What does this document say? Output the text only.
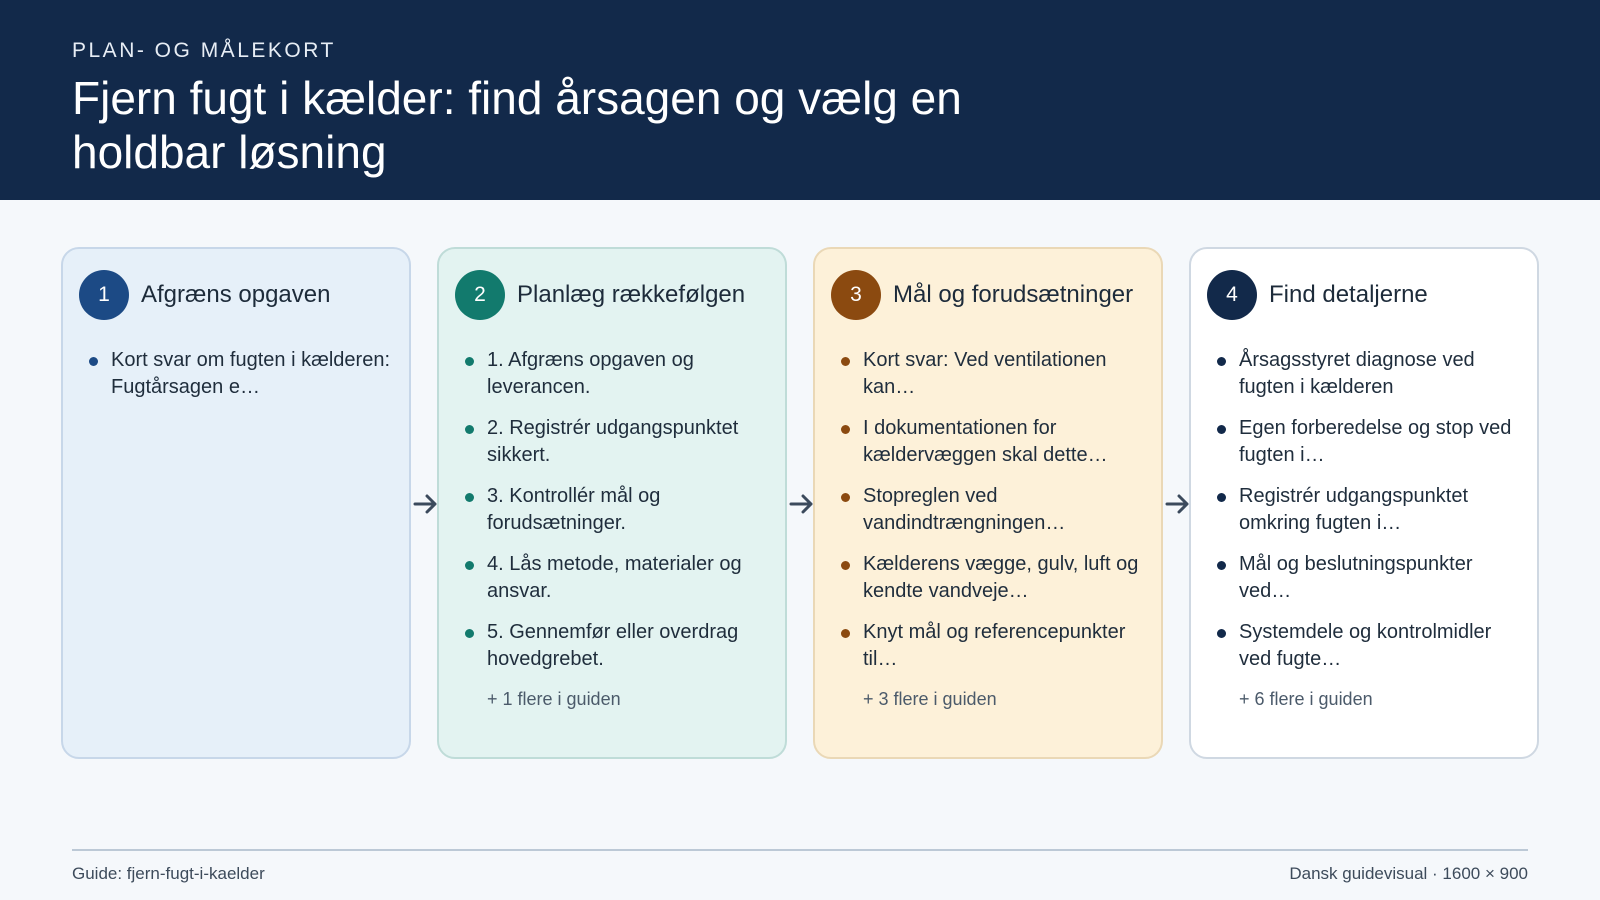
PLAN- OG MÅLEKORT
Fjern fugt i kælder: find årsagen og vælg en holdbar løsning
1	Afgræns opgaven
Kort svar om fugten i kælderen: Fugtårsagen e…
2	Planlæg rækkefølgen
1. Afgræns opgaven og leverancen.
2. Registrér udgangspunktet sikkert.
3. Kontrollér mål og forudsætninger.
4. Lås metode, materialer og ansvar.
5. Gennemfør eller overdrag hovedgrebet.
+ 1 flere i guiden
3	Mål og forudsætninger
Kort svar: Ved ventilationen kan…
I dokumentationen for kældervæggen skal dette…
Stopreglen ved vandindtrængningen…
Kælderens vægge, gulv, luft og kendte vandveje…
Knyt mål og referencepunkter til…
+ 3 flere i guiden
4	Find detaljerne
Årsagsstyret diagnose ved fugten i kælderen
Egen forberedelse og stop ved fugten i…
Registrér udgangspunktet omkring fugten i…
Mål og beslutningspunkter ved…
Systemdele og kontrolmidler ved fugte…
+ 6 flere i guiden
Guide: fjern-fugt-i-kaelder	Dansk guidevisual · 1600 × 900
